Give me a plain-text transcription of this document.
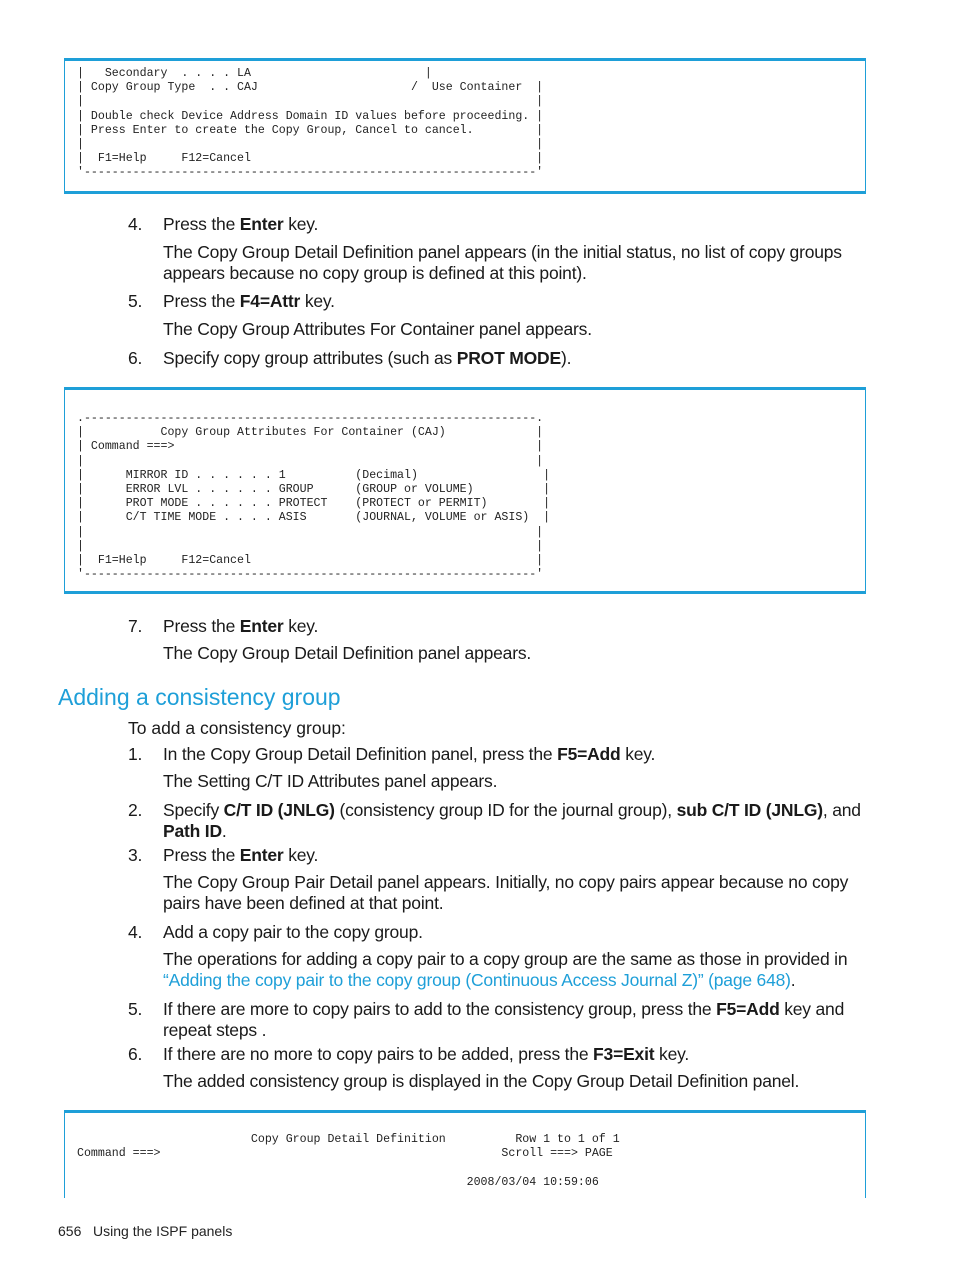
|   Secondary  . . . . LA                         |
| Copy Group Type  . . CAJ                      /  Use Container  |
|                                                                 |
| Double check Device Address Domain ID values before proceeding. |
| Press Enter to create the Copy Group, Cancel to cancel.         |
|                                                                 |
|  F1=Help     F12=Cancel                                         |
'-----------------------------------------------------------------'
4.	Press the Enter key.
The Copy Group Detail Definition panel appears (in the initial status, no list of copy groups appears because no copy group is defined at this point).
5.	Press the F4=Attr key.
The Copy Group Attributes For Container panel appears.
6.	Specify copy group attributes (such as PROT MODE).
.-----------------------------------------------------------------.
|           Copy Group Attributes For Container (CAJ)             |
| Command ===>                                                    |
|                                                                 |
|      MIRROR ID . . . . . . 1          (Decimal)                  |
|      ERROR LVL . . . . . . GROUP      (GROUP or VOLUME)          |
|      PROT MODE . . . . . . PROTECT    (PROTECT or PERMIT)        |
|      C/T TIME MODE . . . . ASIS       (JOURNAL, VOLUME or ASIS)  |
|                                                                 |
|                                                                 |
|  F1=Help     F12=Cancel                                         |
'-----------------------------------------------------------------'
7.	Press the Enter key.
The Copy Group Detail Definition panel appears.
Adding a consistency group
To add a consistency group:
1.	In the Copy Group Detail Definition panel, press the F5=Add key.
The Setting C/T ID Attributes panel appears.
2.	Specify C/T ID (JNLG) (consistency group ID for the journal group), sub C/T ID (JNLG), and Path ID.
3.	Press the Enter key.
The Copy Group Pair Detail panel appears. Initially, no copy pairs appear because no copy pairs have been defined at that point.
4.	Add a copy pair to the copy group.
The operations for adding a copy pair to a copy group are the same as those in provided in “Adding the copy pair to the copy group (Continuous Access Journal Z)” (page 648).
5.	If there are more to copy pairs to add to the consistency group, press the F5=Add key and repeat steps .
6.	If there are no more to copy pairs to be added, press the F3=Exit key.
The added consistency group is displayed in the Copy Group Detail Definition panel.

Copy Group Detail Definition          Row 1 to 1 of 1
Command ===>                                                 Scroll ===> PAGE

2008/03/04 10:59:06
656 Using the ISPF panels
